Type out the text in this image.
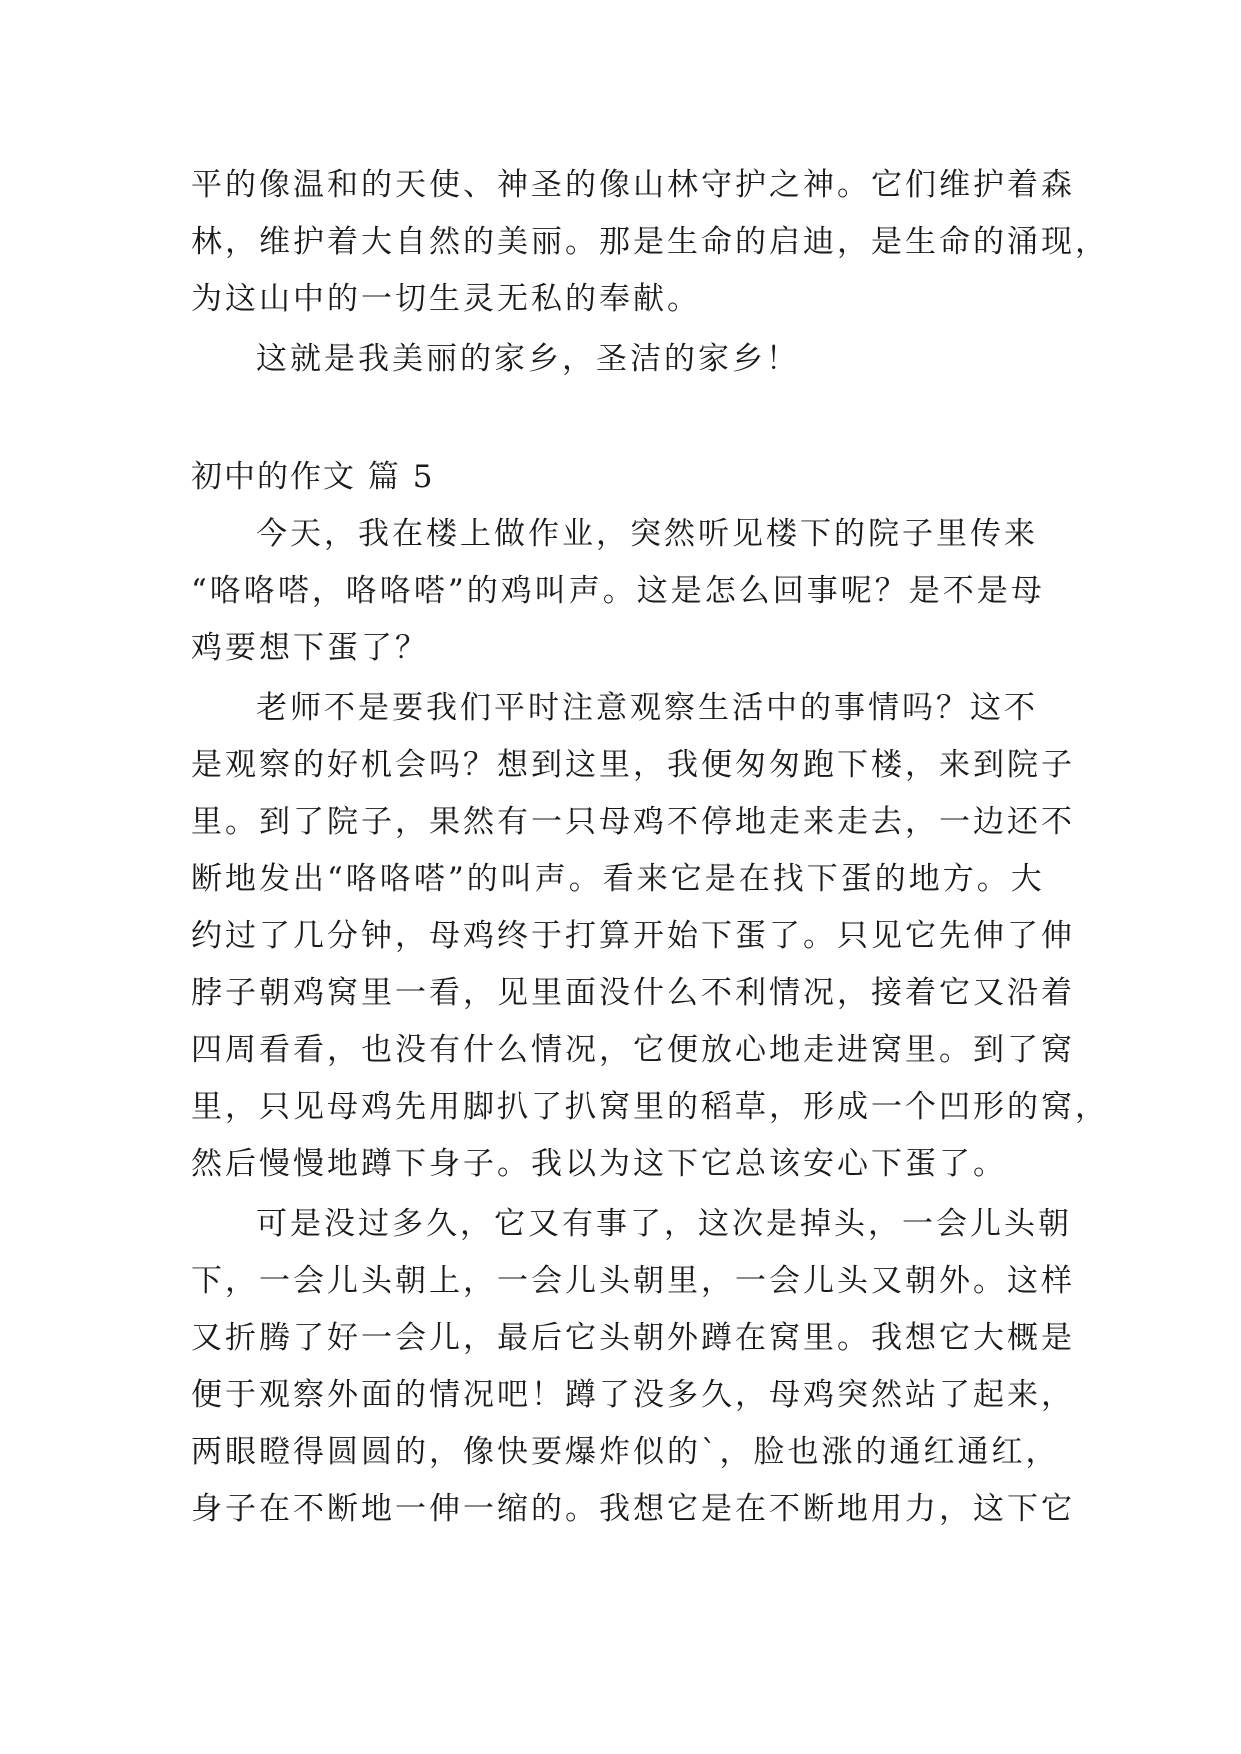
平的像温和的天使、神圣的像山林守护之神。它们维护着森
林，维护着大自然的美丽。那是生命的启迪，是生命的涌现，
为这山中的一切生灵无私的奉献。
这就是我美丽的家乡，圣洁的家乡！
初中的作文 篇 5
今天，我在楼上做作业，突然听见楼下的院子里传来
“咯咯嗒，咯咯嗒”的鸡叫声。这是怎么回事呢？是不是母
鸡要想下蛋了？
老师不是要我们平时注意观察生活中的事情吗？这不
是观察的好机会吗？想到这里，我便匆匆跑下楼，来到院子
里。到了院子，果然有一只母鸡不停地走来走去，一边还不
断地发出“咯咯嗒”的叫声。看来它是在找下蛋的地方。大
约过了几分钟，母鸡终于打算开始下蛋了。只见它先伸了伸
脖子朝鸡窝里一看，见里面没什么不利情况，接着它又沿着
四周看看，也没有什么情况，它便放心地走进窝里。到了窝
里，只见母鸡先用脚扒了扒窝里的稻草，形成一个凹形的窝，
然后慢慢地蹲下身子。我以为这下它总该安心下蛋了。
可是没过多久，它又有事了，这次是掉头，一会儿头朝
下，一会儿头朝上，一会儿头朝里，一会儿头又朝外。这样
又折腾了好一会儿，最后它头朝外蹲在窝里。我想它大概是
便于观察外面的情况吧！蹲了没多久，母鸡突然站了起来，
两眼瞪得圆圆的，像快要爆炸似的`，脸也涨的通红通红，
身子在不断地一伸一缩的。我想它是在不断地用力，这下它
